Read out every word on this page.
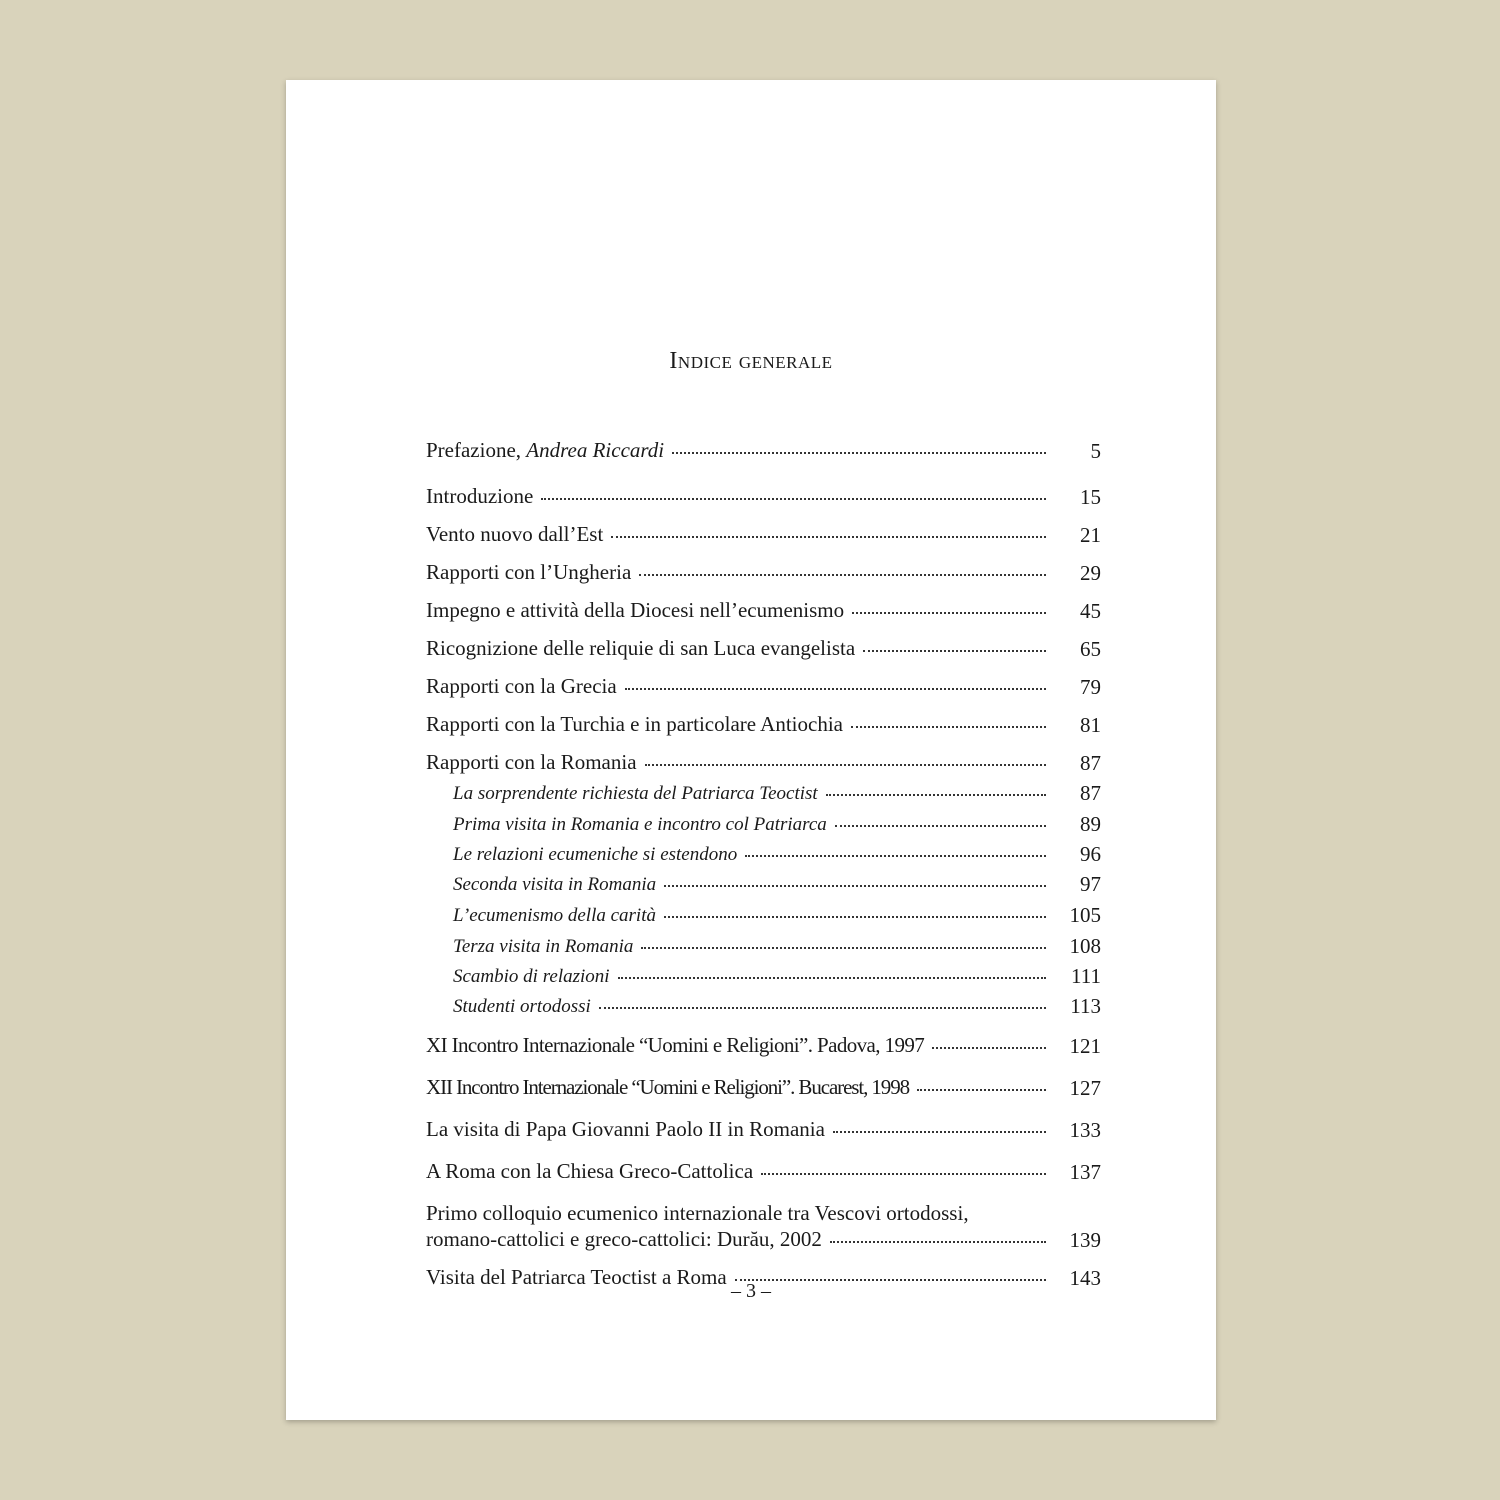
Indice generale
Prefazione, Andrea Riccardi	5
Introduzione	15
Vento nuovo dall’Est	21
Rapporti con l’Ungheria	29
Impegno e attività della Diocesi nell’ecumenismo	45
Ricognizione delle reliquie di san Luca evangelista	65
Rapporti con la Grecia	79
Rapporti con la Turchia e in particolare Antiochia	81
Rapporti con la Romania	87
La sorprendente richiesta del Patriarca Teoctist	87
Prima visita in Romania e incontro col Patriarca	89
Le relazioni ecumeniche si estendono	96
Seconda visita in Romania	97
L’ecumenismo della carità	105
Terza visita in Romania	108
Scambio di relazioni	111
Studenti ortodossi	113
XI Incontro Internazionale “Uomini e Religioni”. Padova, 1997	121
XII Incontro Internazionale “Uomini e Religioni”. Bucarest, 1998	127
La visita di Papa Giovanni Paolo II in Romania	133
A Roma con la Chiesa Greco-Cattolica	137
Primo colloquio ecumenico internazionale tra Vescovi ortodossi,
romano-cattolici e greco-cattolici: Durău, 2002	139
Visita del Patriarca Teoctist a Roma	143
– 3 –
